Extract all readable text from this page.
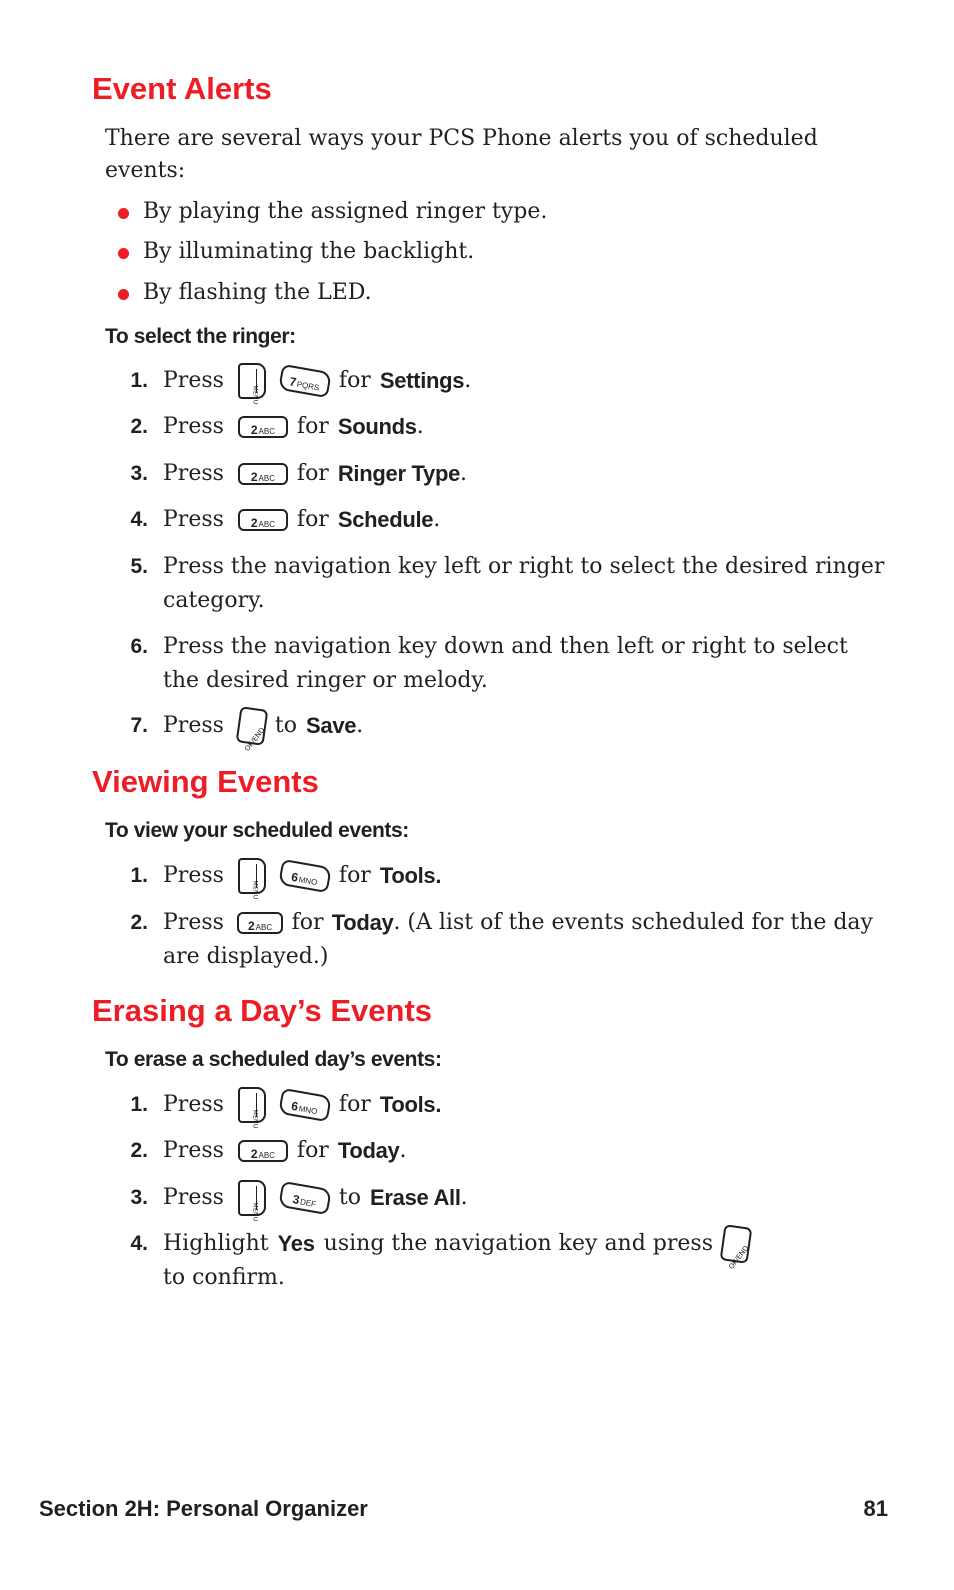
Event Alerts
There are several ways your PCS Phone alerts you of scheduled events:
By playing the assigned ringer type.
By illuminating the backlight.
By flashing the LED.
To select the ringer:
1. Press
MENU
7PQRS for Settings .
2. Press	2ABC for Sounds .
3. Press	2ABC for Ringer Type .
4. Press	2ABC for Schedule .
5. Press the navigation key left or right to select the desired ringer
category.
6. Press the navigation key down and then left or right to select
the desired ringer or melody.
7. Press
OK/END
to Save .
Viewing Events
To view your scheduled events:
1. Press
MENU
6MNO for Tools.
2. Press	2ABC for Today . (A list of the events scheduled for the day
are displayed.)
Erasing a Day’s Events
To erase a scheduled day’s events:
1. Press
MENU
6MNO for Tools.
2. Press	2ABC for Today .
3. Press
MENU
3DEF	to Erase All .
4. Highlight Yes using the navigation key and press
OK/END
to confirm.
Section 2H: Personal Organizer	81
